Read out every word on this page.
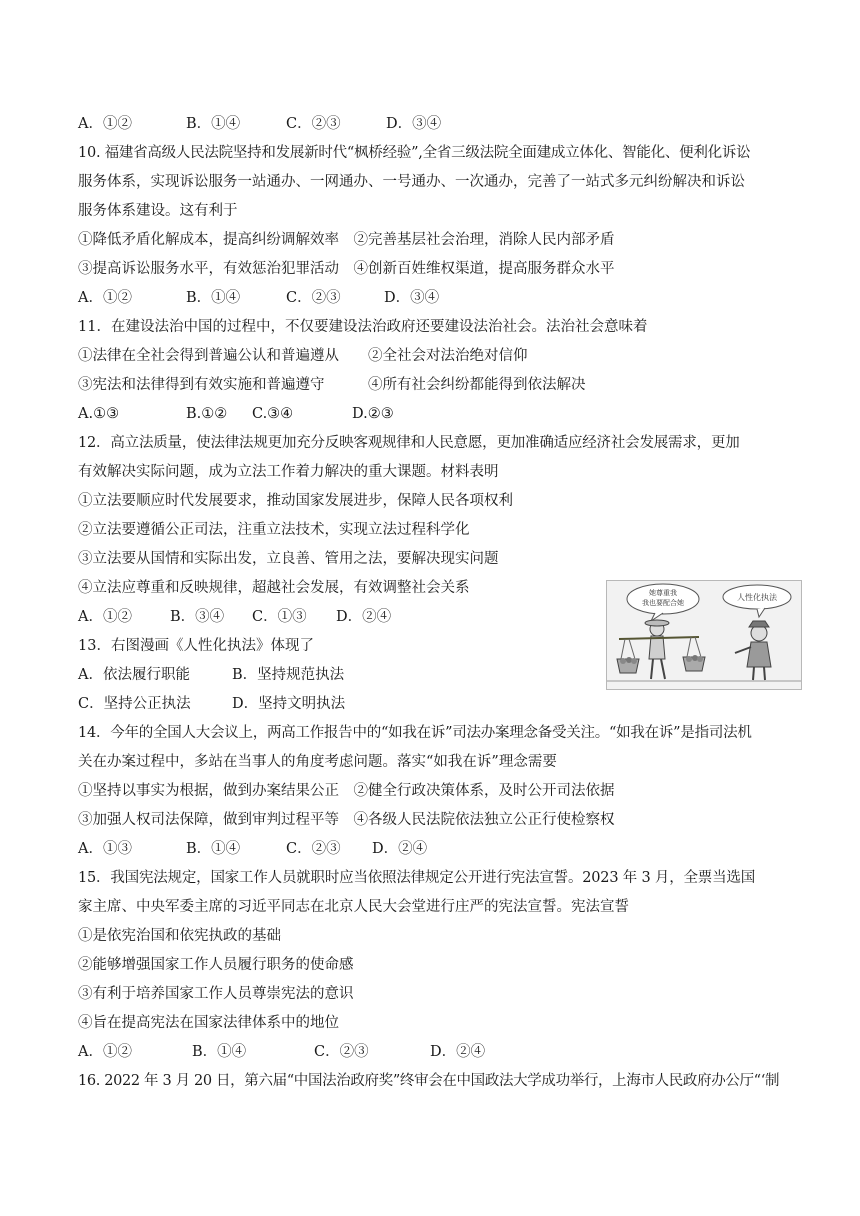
A．①②	B．①④	C．②③	D．③④
10. 福建省高级人民法院坚持和发展新时代“枫桥经验”,全省三级法院全面建成立体化、智能化、便利化诉讼
服务体系，实现诉讼服务一站通办、一网通办、一号通办、一次通办，完善了一站式多元纠纷解决和诉讼
服务体系建设。这有利于
①降低矛盾化解成本，提高纠纷调解效率　②完善基层社会治理，消除人民内部矛盾
③提高诉讼服务水平，有效惩治犯罪活动　④创新百姓维权渠道，提高服务群众水平
A．①②	B．①④	C．②③	D．③④
11．在建设法治中国的过程中，不仅要建设法治政府还要建设法治社会。法治社会意味着
①法律在全社会得到普遍公认和普遍遵从　　②全社会对法治绝对信仰
③宪法和法律得到有效实施和普遍遵守　　　④所有社会纠纷都能得到依法解决
A.①③	B.①② C.③④	D.②③
12．高立法质量，使法律法规更加充分反映客观规律和人民意愿，更加准确适应经济社会发展需求，更加
有效解决实际问题，成为立法工作着力解决的重大课题。材料表明
①立法要顺应时代发展要求，推动国家发展进步，保障人民各项权利
②立法要遵循公正司法，注重立法技术，实现立法过程科学化
③立法要从国情和实际出发，立良善、管用之法，要解决现实问题
④立法应尊重和反映规律，超越社会发展，有效调整社会关系
A．①②	B．③④ C．①③ D．②④
13．右图漫画《人性化执法》体现了
A．依法履行职能	B．坚持规范执法
C．坚持公正执法	D．坚持文明执法
她尊重我
我也要配合她
人性化执法
14．今年的全国人大会议上，两高工作报告中的“如我在诉”司法办案理念备受关注。“如我在诉”是指司法机
关在办案过程中，多站在当事人的角度考虑问题。落实“如我在诉”理念需要
①坚持以事实为根据，做到办案结果公正　②健全行政决策体系，及时公开司法依据
③加强人权司法保障，做到审判过程平等　④各级人民法院依法独立公正行使检察权
A．①③	B．①④	C．②③ D．②④
15．我国宪法规定，国家工作人员就职时应当依照法律规定公开进行宪法宣誓。2023 年 3 月，全票当选国
家主席、中央军委主席的习近平同志在北京人民大会堂进行庄严的宪法宣誓。宪法宣誓
①是依宪治国和依宪执政的基础
②能够增强国家工作人员履行职务的使命感
③有利于培养国家工作人员尊崇宪法的意识
④旨在提高宪法在国家法律体系中的地位
A．①②	B．①④	C．②③	D．②④
16. 2022 年 3 月 20 日，第六届“中国法治政府奖”终审会在中国政法大学成功举行，上海市人民政府办公厅“‘制
